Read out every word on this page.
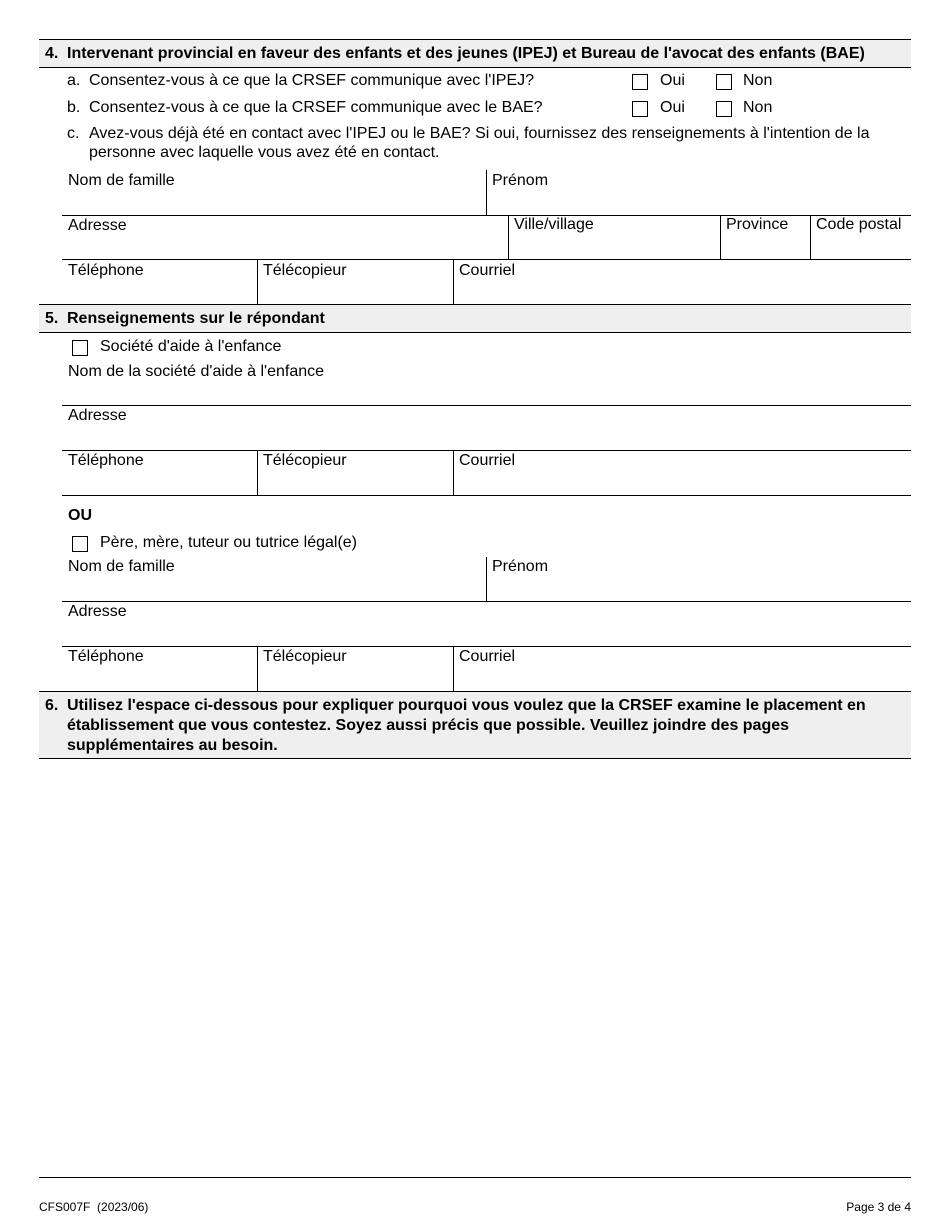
4. Intervenant provincial en faveur des enfants et des jeunes (IPEJ) et Bureau de l'avocat des enfants (BAE)
a. Consentez-vous à ce que la CRSEF communique avec l'IPEJ?	Oui	Non
b. Consentez-vous à ce que la CRSEF communique avec le BAE?	Oui	Non
c. Avez-vous déjà été en contact avec l'IPEJ ou le BAE? Si oui, fournissez des renseignements à l'intention de la personne avec laquelle vous avez été en contact.
Nom de famille	Prénom
Adresse	Ville/village	Province Code postal
Téléphone	Télécopieur	Courriel
5. Renseignements sur le répondant
Société d'aide à l'enfance
Nom de la société d'aide à l'enfance
Adresse
Téléphone	Télécopieur	Courriel
OU
Père, mère, tuteur ou tutrice légal(e)
Nom de famille	Prénom
Adresse
Téléphone	Télécopieur	Courriel
6. Utilisez l'espace ci-dessous pour expliquer pourquoi vous voulez que la CRSEF examine le placement en établissement que vous contestez. Soyez aussi précis que possible. Veuillez joindre des pages supplémentaires au besoin.
CFS007F  (2023/06)	Page 3 de 4
